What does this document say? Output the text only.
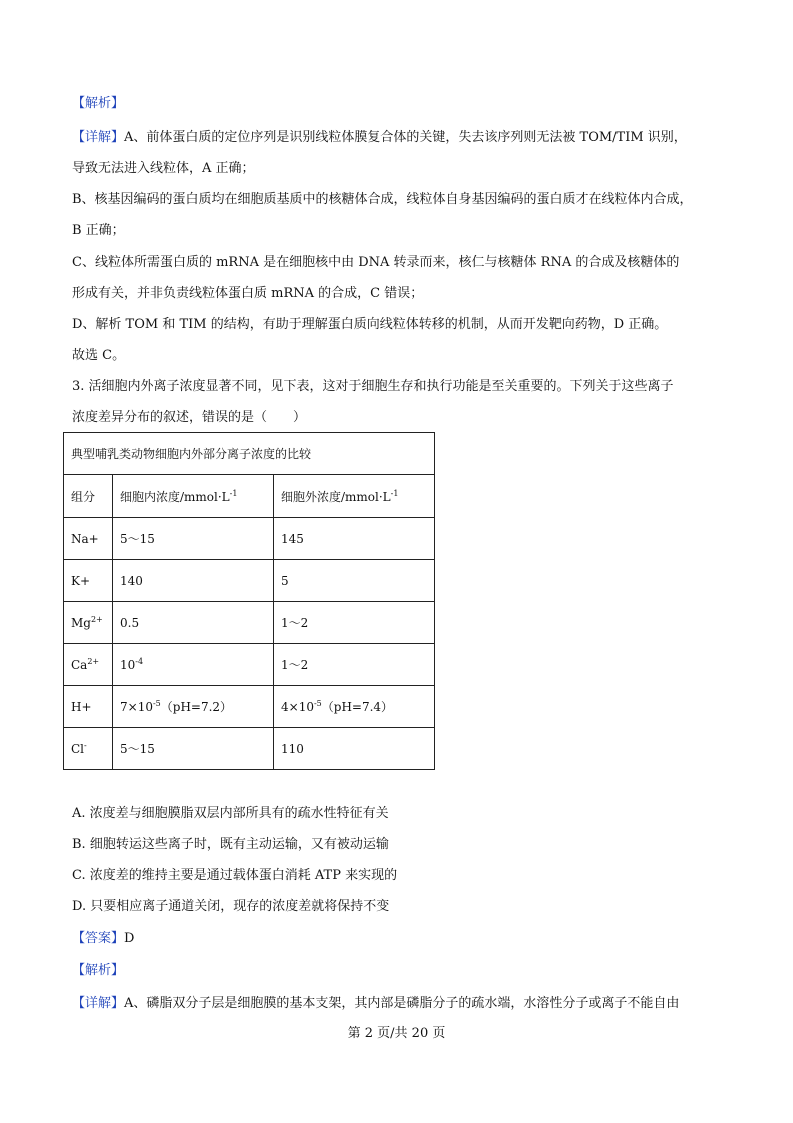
【解析】
【详解】A、前体蛋白质的定位序列是识别线粒体膜复合体的关键，失去该序列则无法被 TOM/TIM 识别，
导致无法进入线粒体，A 正确；
B、核基因编码的蛋白质均在细胞质基质中的核糖体合成，线粒体自身基因编码的蛋白质才在线粒体内合成，
B 正确；
C、线粒体所需蛋白质的 mRNA 是在细胞核中由 DNA 转录而来，核仁与核糖体 RNA 的合成及核糖体的
形成有关，并非负责线粒体蛋白质 mRNA 的合成，C 错误；
D、解析 TOM 和 TIM 的结构，有助于理解蛋白质向线粒体转移的机制，从而开发靶向药物，D 正确。
故选 C。
3. 活细胞内外离子浓度显著不同，见下表，这对于细胞生存和执行功能是至关重要的。下列关于这些离子
浓度差异分布的叙述，错误的是（　　）
典型哺乳类动物细胞内外部分离子浓度的比较		
组分	细胞内浓度$/mmol\cdot L^{-1}$	细胞外浓度$/mmol\cdot L^{-1}$
Na+	5～15	145
K+	140	5
$Mg^{2+}$	0.5	1～2
$Ca^{2+}$	$10^{-4}$	1～2
H+	$7\times 10^{-5}(pH=7.2)$	$4\times 10^{-5}(pH=7.4)$
Cl-	5～15	110
A. 浓度差与细胞膜脂双层内部所具有的疏水性特征有关
B. 细胞转运这些离子时，既有主动运输，又有被动运输
C. 浓度差的维持主要是通过载体蛋白消耗 ATP 来实现的
D. 只要相应离子通道关闭，现存的浓度差就将保持不变
【答案】D
【解析】
【详解】A、磷脂双分子层是细胞膜的基本支架，其内部是磷脂分子的疏水端，水溶性分子或离子不能自由
第 2 页/共 20 页
